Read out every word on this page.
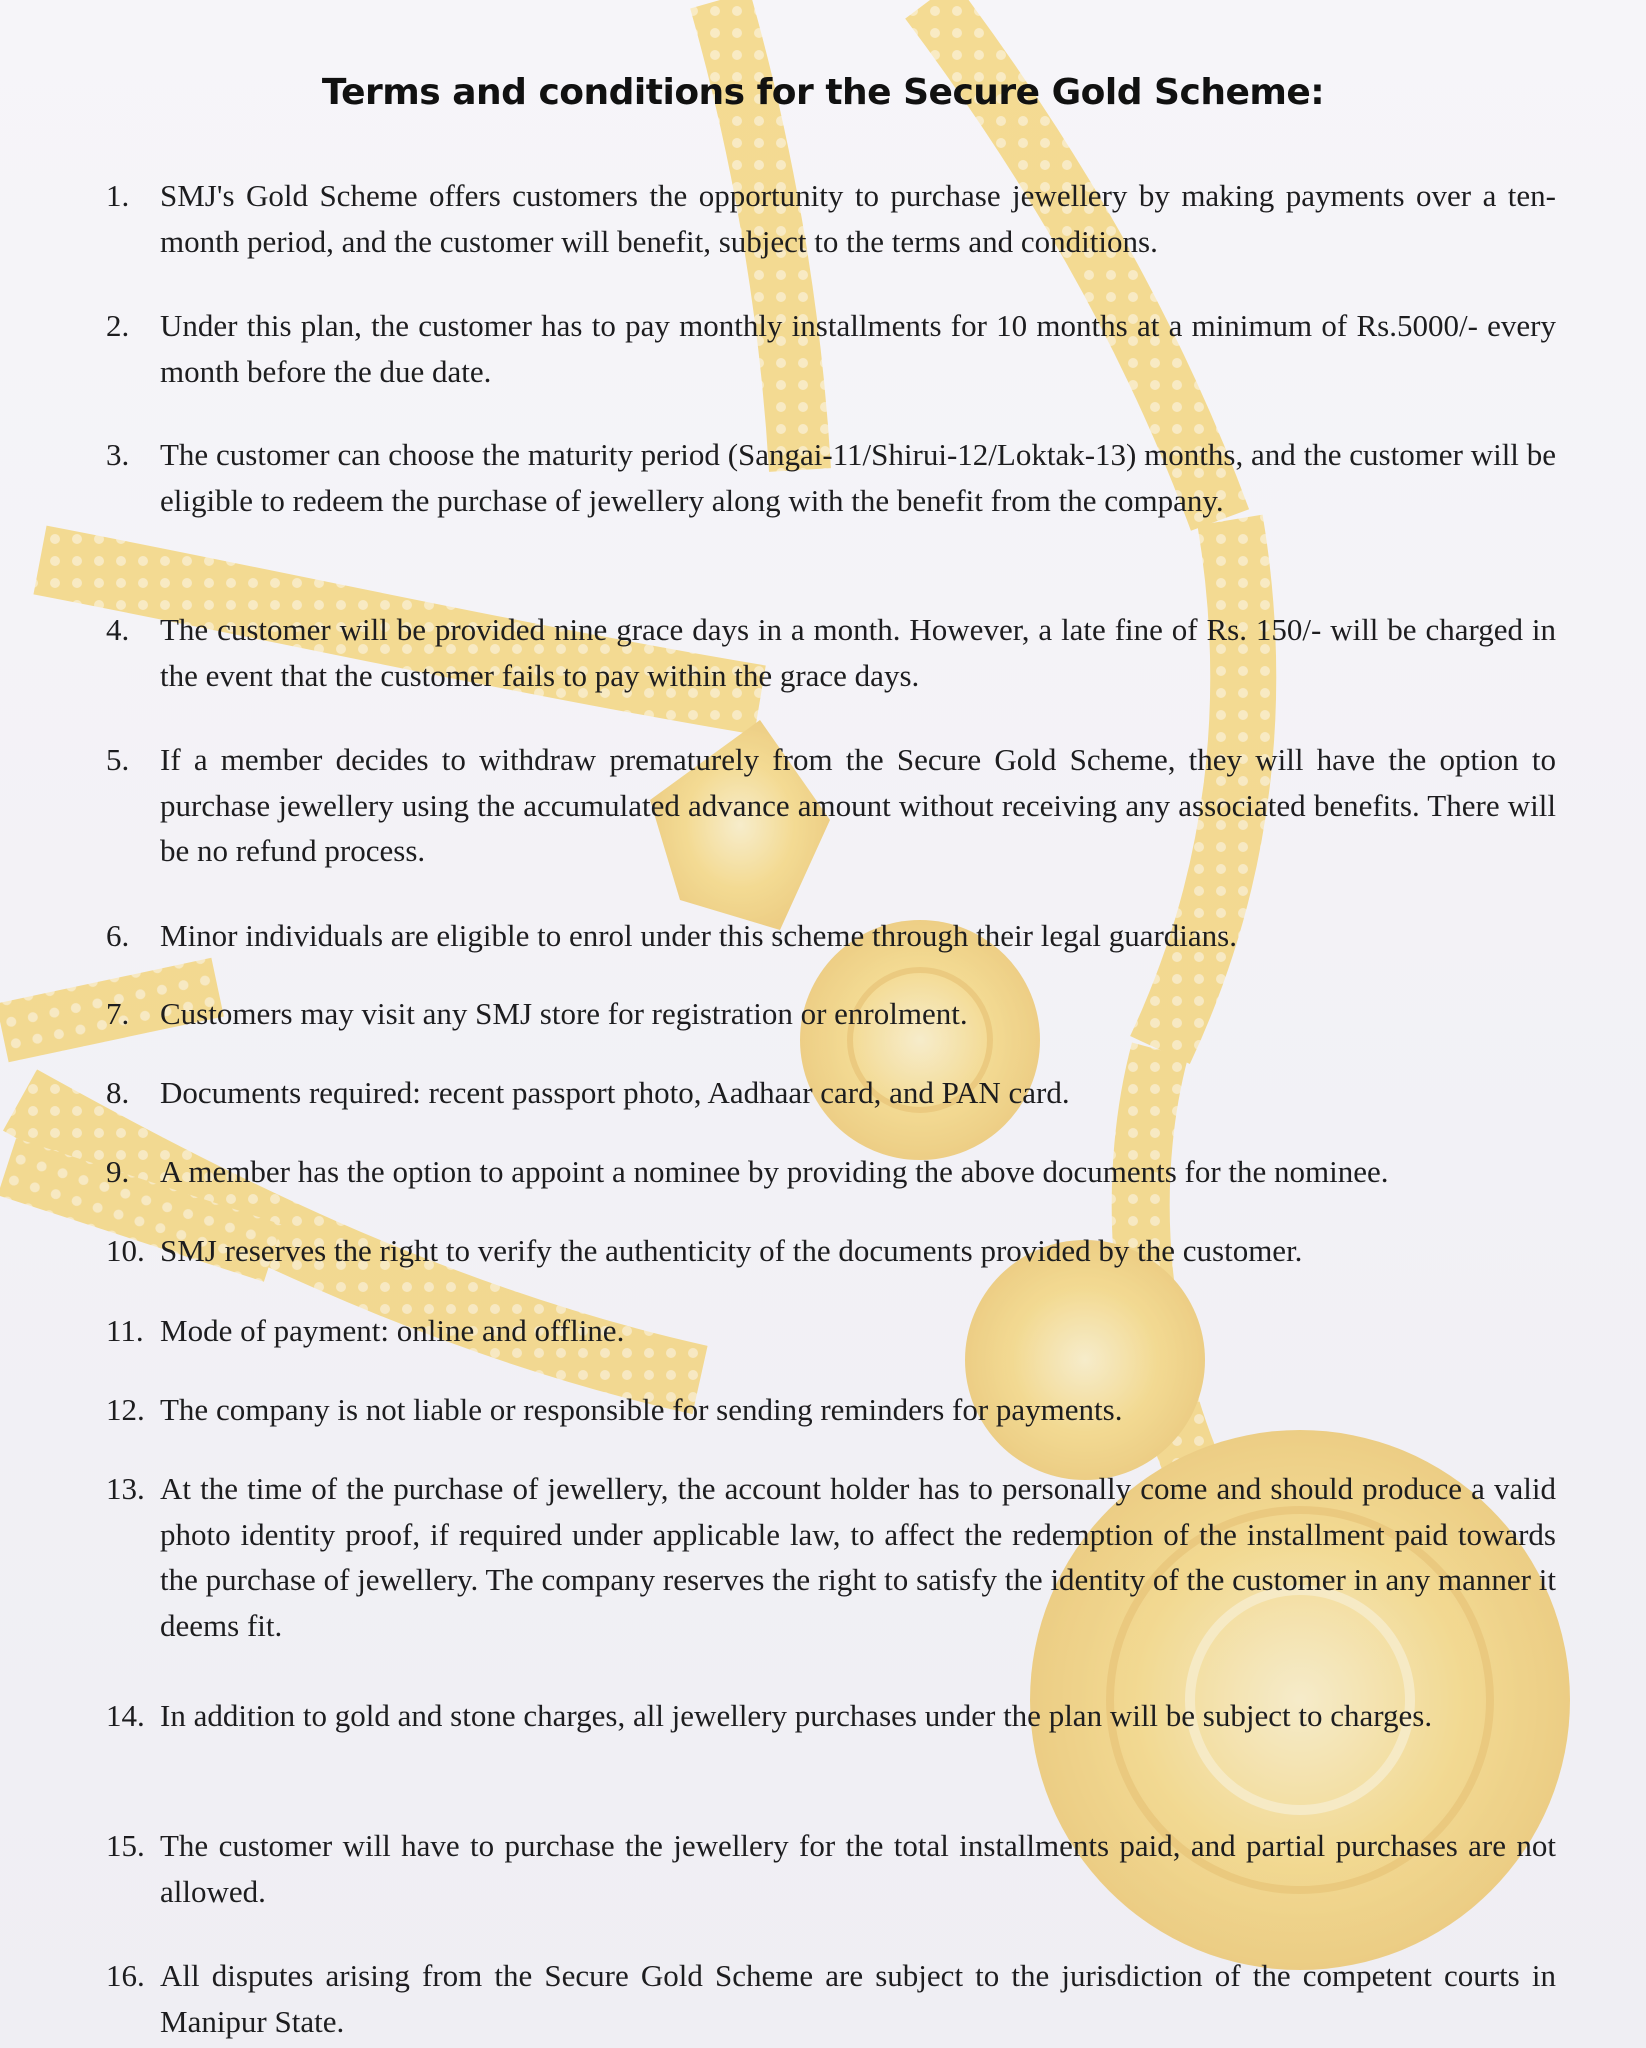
Terms and conditions for the Secure Gold Scheme:
1. SMJ's Gold Scheme offers customers the opportunity to purchase jewellery by making payments over a ten-month period, and the customer will benefit, subject to the terms and conditions.
2. Under this plan, the customer has to pay monthly installments for 10 months at a minimum of Rs.5000/- every month before the due date.
3. The customer can choose the maturity period (Sangai-11/Shirui-12/Loktak-13) months, and the customer will be eligible to redeem the purchase of jewellery along with the benefit from the company.
4. The customer will be provided nine grace days in a month. However, a late fine of Rs. 150/- will be charged in the event that the customer fails to pay within the grace days.
5. If a member decides to withdraw prematurely from the Secure Gold Scheme, they will have the option to purchase jewellery using the accumulated advance amount without receiving any associated benefits. There will be no refund process.
6. Minor individuals are eligible to enrol under this scheme through their legal guardians.
7. Customers may visit any SMJ store for registration or enrolment.
8. Documents required: recent passport photo, Aadhaar card, and PAN card.
9. A member has the option to appoint a nominee by providing the above documents for the nominee.
10. SMJ reserves the right to verify the authenticity of the documents provided by the customer.
11. Mode of payment: online and offline.
12. The company is not liable or responsible for sending reminders for payments.
13. At the time of the purchase of jewellery, the account holder has to personally come and should produce a valid photo identity proof, if required under applicable law, to affect the redemption of the installment paid towards the purchase of jewellery. The company reserves the right to satisfy the identity of the customer in any manner it deems fit.
14. In addition to gold and stone charges, all jewellery purchases under the plan will be subject to charges.
15. The customer will have to purchase the jewellery for the total installments paid, and partial purchases are not allowed.
16. All disputes arising from the Secure Gold Scheme are subject to the jurisdiction of the competent courts in Manipur State.
